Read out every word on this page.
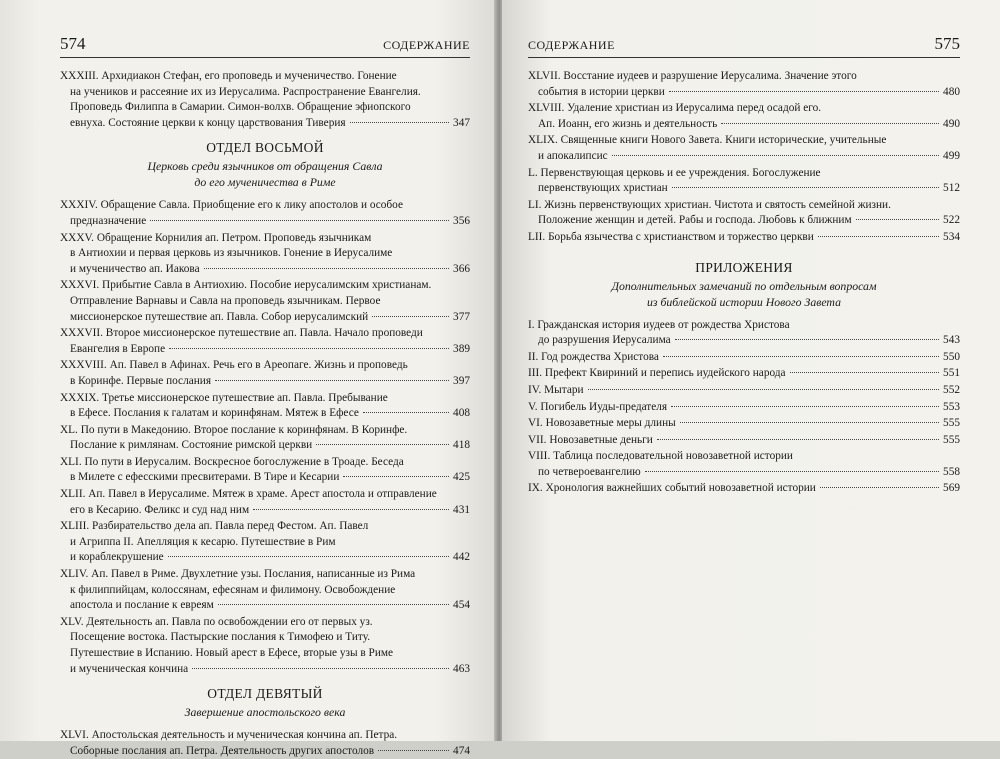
574	СОДЕРЖАНИЕ
XXXIII. Архидиакон Стефан, его проповедь и мученичество. Гонение
на учеников и рассеяние их из Иерусалима. Распространение Евангелия.
Проповедь Филиппа в Самарии. Симон-волхв. Обращение эфиопского
евнуха. Состояние церкви к концу царствования Тиверия	347
ОТДЕЛ ВОСЬМОЙ
Церковь среди язычников от обращения Савла
до его мученичества в Риме
XXXIV. Обращение Савла. Приобщение его к лику апостолов и особое
предназначение	356
XXXV. Обращение Корнилия ап. Петром. Проповедь язычникам
в Антиохии и первая церковь из язычников. Гонение в Иерусалиме
и мученичество ап. Иакова	366
XXXVI. Прибытие Савла в Антиохию. Пособие иерусалимским христианам.
Отправление Варнавы и Савла на проповедь язычникам. Первое
миссионерское путешествие ап. Павла. Собор иерусалимский	377
XXXVII. Второе миссионерское путешествие ап. Павла. Начало проповеди
Евангелия в Европе	389
XXXVIII. Ап. Павел в Афинах. Речь его в Ареопаге. Жизнь и проповедь
в Коринфе. Первые послания	397
XXXIX. Третье миссионерское путешествие ап. Павла. Пребывание
в Ефесе. Послания к галатам и коринфянам. Мятеж в Ефесе	408
XL. По пути в Македонию. Второе послание к коринфянам. В Коринфе.
Послание к римлянам. Состояние римской церкви	418
XLI. По пути в Иерусалим. Воскресное богослужение в Троаде. Беседа
в Милете с ефесскими пресвитерами. В Тире и Кесарии	425
XLII. Ап. Павел в Иерусалиме. Мятеж в храме. Арест апостола и отправление
его в Кесарию. Феликс и суд над ним	431
XLIII. Разбирательство дела ап. Павла перед Фестом. Ап. Павел
и Агриппа II. Апелляция к кесарю. Путешествие в Рим
и кораблекрушение	442
XLIV. Ап. Павел в Риме. Двухлетние узы. Послания, написанные из Рима
к филиппийцам, колоссянам, ефесянам и филимону. Освобождение
апостола и послание к евреям	454
XLV. Деятельность ап. Павла по освобождении его от первых уз.
Посещение востока. Пастырские послания к Тимофею и Титу.
Путешествие в Испанию. Новый арест в Ефесе, вторые узы в Риме
и мученическая кончина	463
ОТДЕЛ ДЕВЯТЫЙ
Завершение апостольского века
XLVI. Апостольская деятельность и мученическая кончина ап. Петра.
Соборные послания ап. Петра. Деятельность других апостолов	474
СОДЕРЖАНИЕ	575
XLVII. Восстание иудеев и разрушение Иерусалима. Значение этого
события в истории церкви	480
XLVIII. Удаление христиан из Иерусалима перед осадой его.
Ап. Иоанн, его жизнь и деятельность	490
XLIX. Священные книги Нового Завета. Книги исторические, учительные
и апокалипсис	499
L. Первенствующая церковь и ее учреждения. Богослужение
первенствующих христиан	512
LI. Жизнь первенствующих христиан. Чистота и святость семейной жизни.
Положение женщин и детей. Рабы и господа. Любовь к ближним	522
LII. Борьба язычества с христианством и торжество церкви	534
ПРИЛОЖЕНИЯ
Дополнительных замечаний по отдельным вопросам
из библейской истории Нового Завета
I. Гражданская история иудеев от рождества Христова
до разрушения Иерусалима	543
II. Год рождества Христова	550
III. Префект Квириний и перепись иудейского народа	551
IV. Мытари	552
V. Погибель Иуды-предателя	553
VI. Новозаветные меры длины	555
VII. Новозаветные деньги	555
VIII. Таблица последовательной новозаветной истории
по четвероевангелию	558
IX. Хронология важнейших событий новозаветной истории	569
